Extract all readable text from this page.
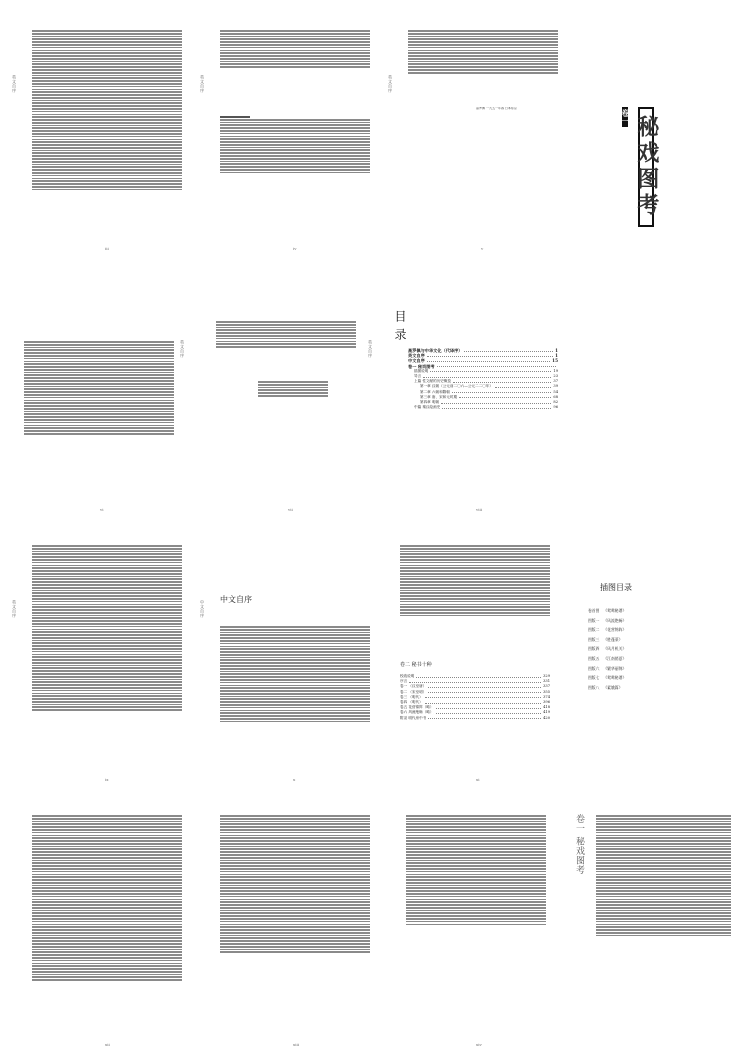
英文自序
iii
英文自序
iv
英文自序
高罗佩 一九五一年春 日本东京
v
卷一 秘戏图考
英文自序
vi
英文自序
vii
目录
高罗佩与中华文化（代译序）	1
英文自序	1
中文自序	15
卷一 秘戏图考
插图说明	19
导言	23
上篇 性文献的历史概览	37
第一章 汉朝（公元前二〇六—公元二二〇年）	39
第二章 六朝和隋朝	54
第三章 唐、宋和元时期	68
第四章 明朝	82
中篇 秦汉绘画史	96
viii
英文自序
ix
中文自序
中文自序
x
卷二 秘书十种
校改说明	329
序言	331
卷一 （汉至唐）	337
卷二 （宋至明）	355
卷三 （明代）	374
卷四 （明代）	396
卷五 花营锦阵（略）	418
卷六 风流绝畅（略）	419
附录 明代房中书	420
xi
插图目录
卷首图 《鸳鸯秘谱》
图版一 《风流绝畅》
图版二 《花营锦阵》
图版三 《胜蓬莱》
图版四 《风月机关》
图版五 《江南销夏》
图版六 《繁华丽锦》
图版七 《鸳鸯秘谱》
图版八 《素娥篇》
xii	xiii	xiv
卷一 秘戏图考
